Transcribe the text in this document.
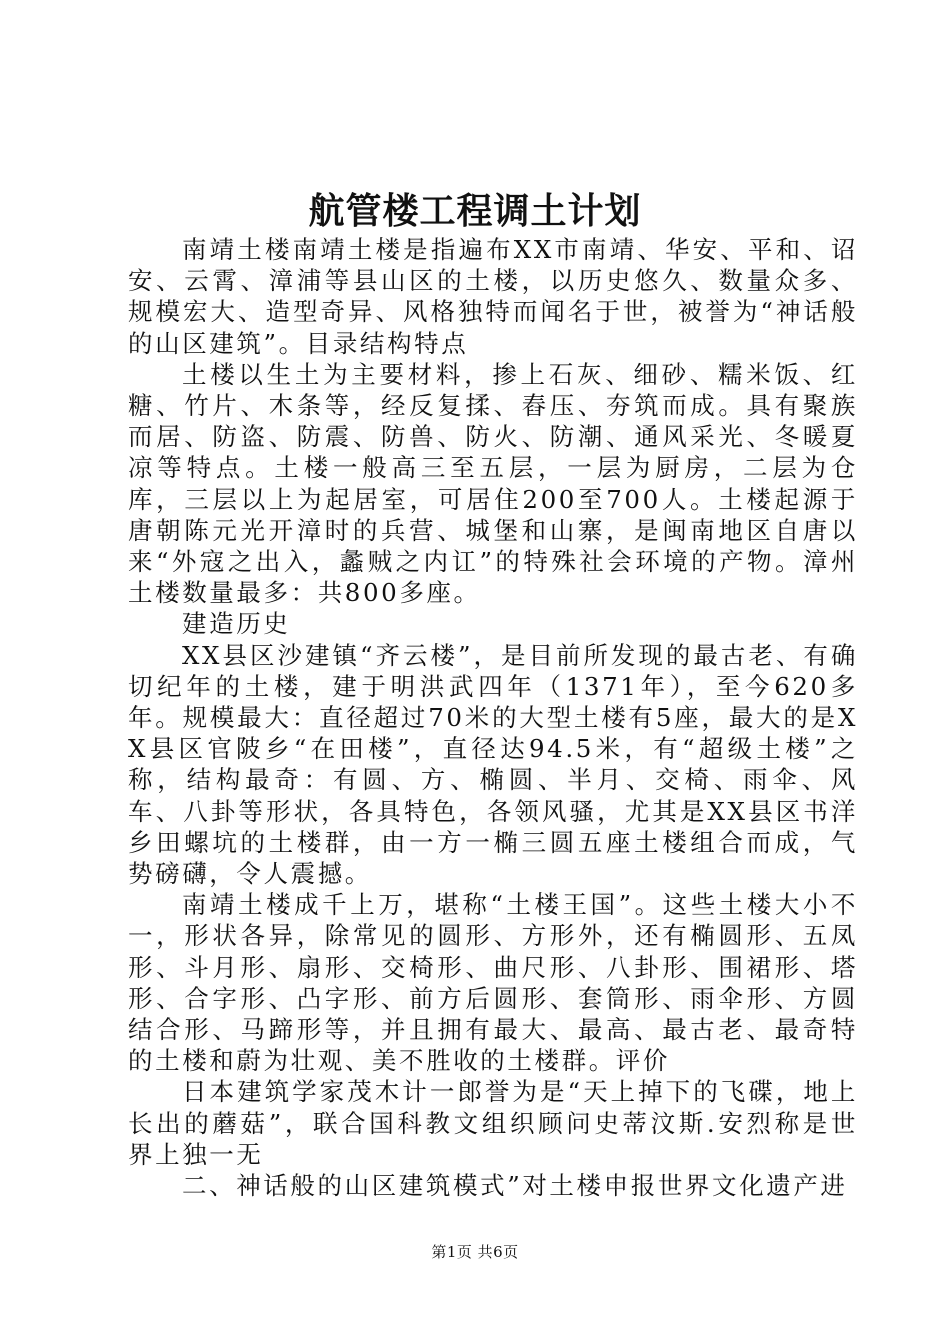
航管楼工程调土计划

南靖土楼南靖土楼是指遍布XX市南靖、华安、平和、诏安、云霄、漳浦等县山区的土楼，以历史悠久、数量众多、规模宏大、造型奇异、风格独特而闻名于世，被誉为“神话般的山区建筑”。目录结构特点

土楼以生土为主要材料，掺上石灰、细砂、糯米饭、红糖、竹片、木条等，经反复揉、舂压、夯筑而成。具有聚族而居、防盗、防震、防兽、防火、防潮、通风采光、冬暖夏凉等特点。土楼一般高三至五层，一层为厨房，二层为仓库，三层以上为起居室，可居住200至700人。土楼起源于唐朝陈元光开漳时的兵营、城堡和山寨，是闽南地区自唐以来“外寇之出入，蠡贼之内讧”的特殊社会环境的产物。漳州土楼数量最多：共800多座。

建造历史

XX县区沙建镇“齐云楼”，是目前所发现的最古老、有确切纪年的土楼，建于明洪武四年（1371年），至今620多年。规模最大：直径超过70米的大型土楼有5座，最大的是XX县区官陂乡“在田楼”，直径达94.5米，有“超级土楼”之称，结构最奇：有圆、方、椭圆、半月、交椅、雨伞、风车、八卦等形状，各具特色，各领风骚，尤其是XX县区书洋乡田螺坑的土楼群，由一方一椭三圆五座土楼组合而成，气势磅礴，令人震撼。

南靖土楼成千上万，堪称“土楼王国”。这些土楼大小不一，形状各异，除常见的圆形、方形外，还有椭圆形、五凤形、斗月形、扇形、交椅形、曲尺形、八卦形、围裙形、塔形、合字形、凸字形、前方后圆形、套筒形、雨伞形、方圆结合形、马蹄形等，并且拥有最大、最高、最古老、最奇特的土楼和蔚为壮观、美不胜收的土楼群。评价

日本建筑学家茂木计一郎誉为是“天上掉下的飞碟，地上长出的蘑菇”，联合国科教文组织顾问史蒂汶斯.安烈称是世界上独一无

二、神话般的山区建筑模式”对土楼申报世界文化遗产进

第1页 共6页
